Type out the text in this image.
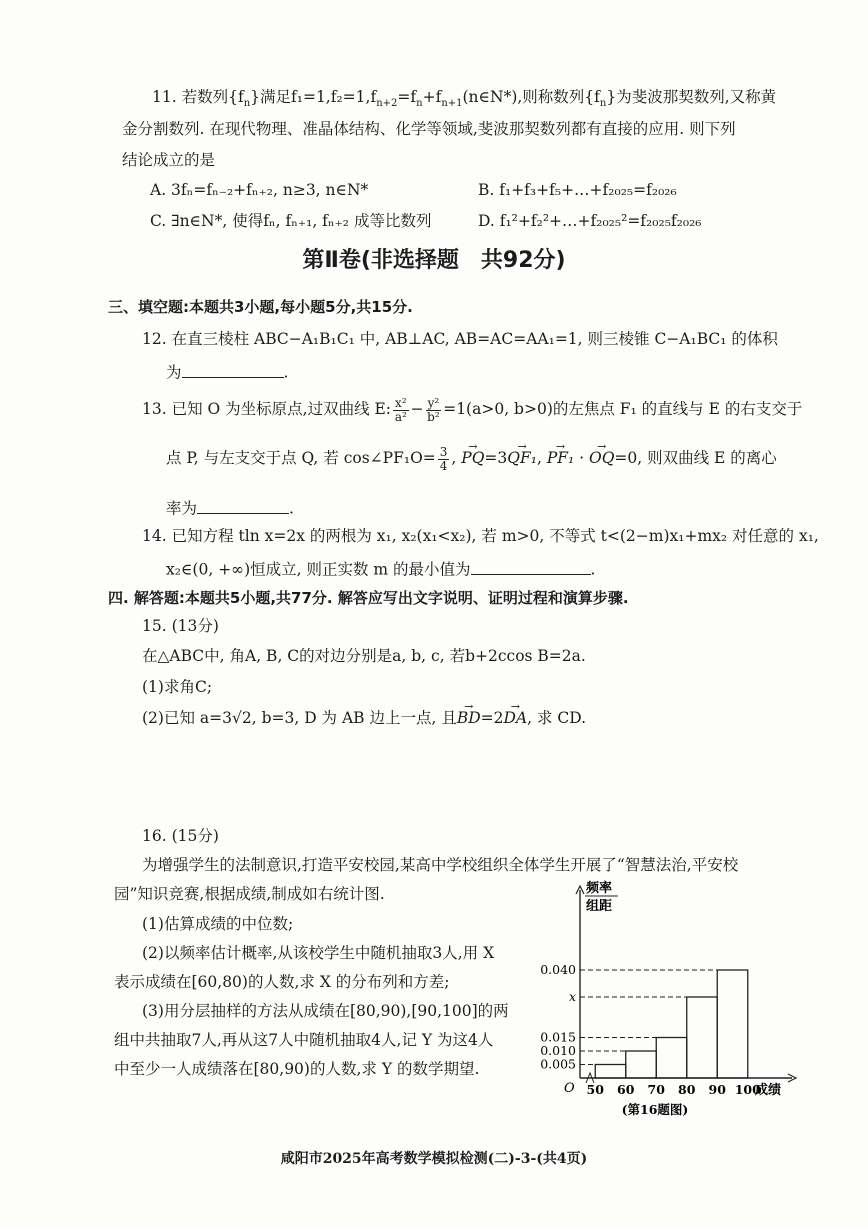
11. 若数列$\{f_n\}$满足$f_1=1,f_2=1,f_{n+2}=f_n+f_{n+1}(n\in N*)$,则称数列$\{f_n\}$为斐波那契数列,又称黄
金分割数列. 在现代物理、准晶体结构、化学等领域,斐波那契数列都有直接的应用. 则下列
结论成立的是
A. 3fₙ=fₙ₋₂+fₙ₊₂, n≥3, n∈N*	B. f₁+f₃+f₅+…+f₂₀₂₅=f₂₀₂₆
C. ∃n∈N*, 使得fₙ, fₙ₊₁, fₙ₊₂ 成等比数列	D. f₁²+f₂²+…+f₂₀₂₅²=f₂₀₂₅f₂₀₂₆
第Ⅱ卷(非选择题　共92分)
三、填空题:本题共3小题,每小题5分,共15分.
12. 在直三棱柱 ABC−A₁B₁C₁ 中, AB⊥AC, AB=AC=AA₁=1, 则三棱锥 C−A₁BC₁ 的体积
为	.
13. 已知 O 为坐标原点,过双曲线 E: $\frac{\text{x²}}{\text{a²}} - \frac{\text{y²}}{\text{b²}} =1(a>0$, b>0)的左焦点 F₁ 的直线与 E 的右支交于
点 P, 与左支交于点 Q, 若 cos∠PF₁O= $\frac{3}{4}$ , → PQ=3→ QF₁, → PF₁ · → OQ=0, 则双曲线 E 的离心
率为	.
14. 已知方程 tln x=2x 的两根为 x₁, x₂(x₁<x₂), 若 m>0, 不等式 t<(2−m)x₁+mx₂ 对任意的 x₁,
x₂∈(0, +∞)恒成立, 则正实数 m 的最小值为	.
四. 解答题:本题共5小题,共77分. 解答应写出文字说明、证明过程和演算步骤.
15. (13分)
在△ABC中, 角A, B, C的对边分别是a, b, c, 若b+2ccos B=2a.
(1)求角C;
(2)已知 a=3√2, b=3, D 为 AB 边上一点, 且→ BD=2→ DA, 求 CD.
16. (15分)
为增强学生的法制意识,打造平安校园,某高中学校组织全体学生开展了“智慧法治,平安校
园”知识竞赛,根据成绩,制成如右统计图.
(1)估算成绩的中位数;
(2)以频率估计概率,从该校学生中随机抽取3人,用 X
表示成绩在[60,80)的人数,求 X 的分布列和方差;
(3)用分层抽样的方法从成绩在[80,90),[90,100]的两
组中共抽取7人,再从这7人中随机抽取4人,记 Y 为这4人
中至少一人成绩落在[80,90)的人数,求 Y 的数学期望.
频率
组距
O
0.040
x
0.015
0.010
0.005
50 60 70 80 90 100
成绩
(第16题图)
咸阳市2025年高考数学模拟检测(二)-3-(共4页)
